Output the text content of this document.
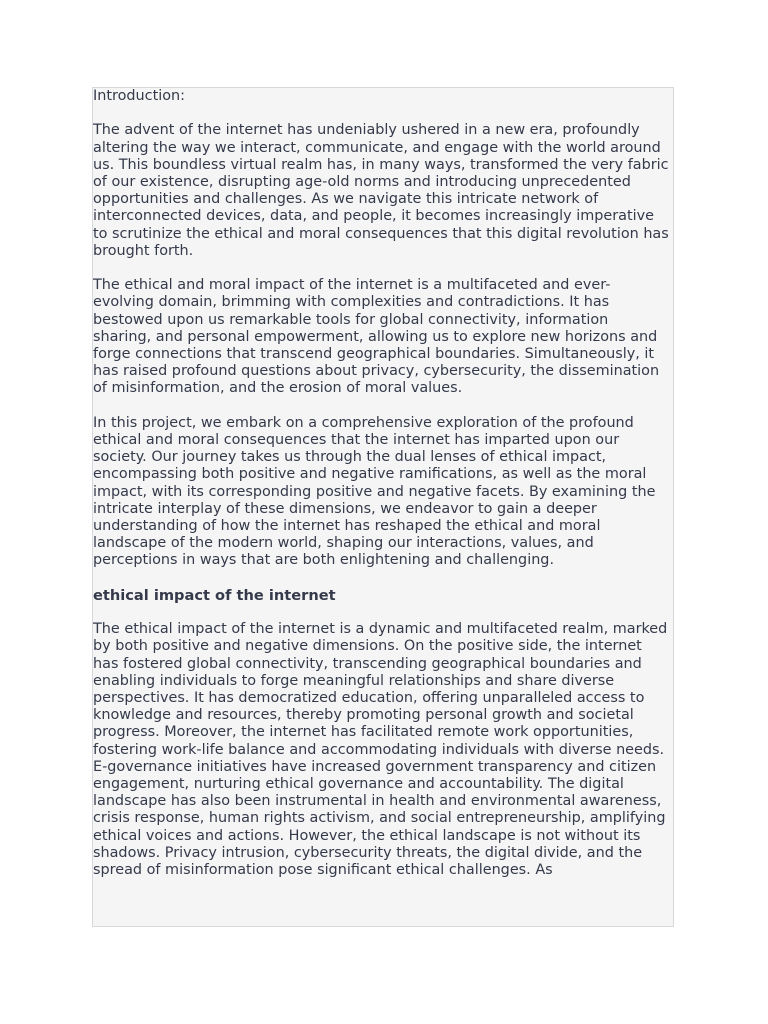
Introduction:

The advent of the internet has undeniably ushered in a new era, profoundly altering the way we interact, communicate, and engage with the world around us. This boundless virtual realm has, in many ways, transformed the very fabric of our existence, disrupting age-old norms and introducing unprecedented opportunities and challenges. As we navigate this intricate network of interconnected devices, data, and people, it becomes increasingly imperative to scrutinize the ethical and moral consequences that this digital revolution has brought forth.

The ethical and moral impact of the internet is a multifaceted and ever-evolving domain, brimming with complexities and contradictions. It has bestowed upon us remarkable tools for global connectivity, information sharing, and personal empowerment, allowing us to explore new horizons and forge connections that transcend geographical boundaries. Simultaneously, it has raised profound questions about privacy, cybersecurity, the dissemination of misinformation, and the erosion of moral values.

In this project, we embark on a comprehensive exploration of the profound ethical and moral consequences that the internet has imparted upon our society. Our journey takes us through the dual lenses of ethical impact, encompassing both positive and negative ramifications, as well as the moral impact, with its corresponding positive and negative facets. By examining the intricate interplay of these dimensions, we endeavor to gain a deeper understanding of how the internet has reshaped the ethical and moral landscape of the modern world, shaping our interactions, values, and perceptions in ways that are both enlightening and challenging.

ethical impact of the internet

The ethical impact of the internet is a dynamic and multifaceted realm, marked by both positive and negative dimensions. On the positive side, the internet has fostered global connectivity, transcending geographical boundaries and enabling individuals to forge meaningful relationships and share diverse perspectives. It has democratized education, offering unparalleled access to knowledge and resources, thereby promoting personal growth and societal progress. Moreover, the internet has facilitated remote work opportunities, fostering work-life balance and accommodating individuals with diverse needs. E-governance initiatives have increased government transparency and citizen engagement, nurturing ethical governance and accountability. The digital landscape has also been instrumental in health and environmental awareness, crisis response, human rights activism, and social entrepreneurship, amplifying ethical voices and actions. However, the ethical landscape is not without its shadows. Privacy intrusion, cybersecurity threats, the digital divide, and the spread of misinformation pose significant ethical challenges. As
